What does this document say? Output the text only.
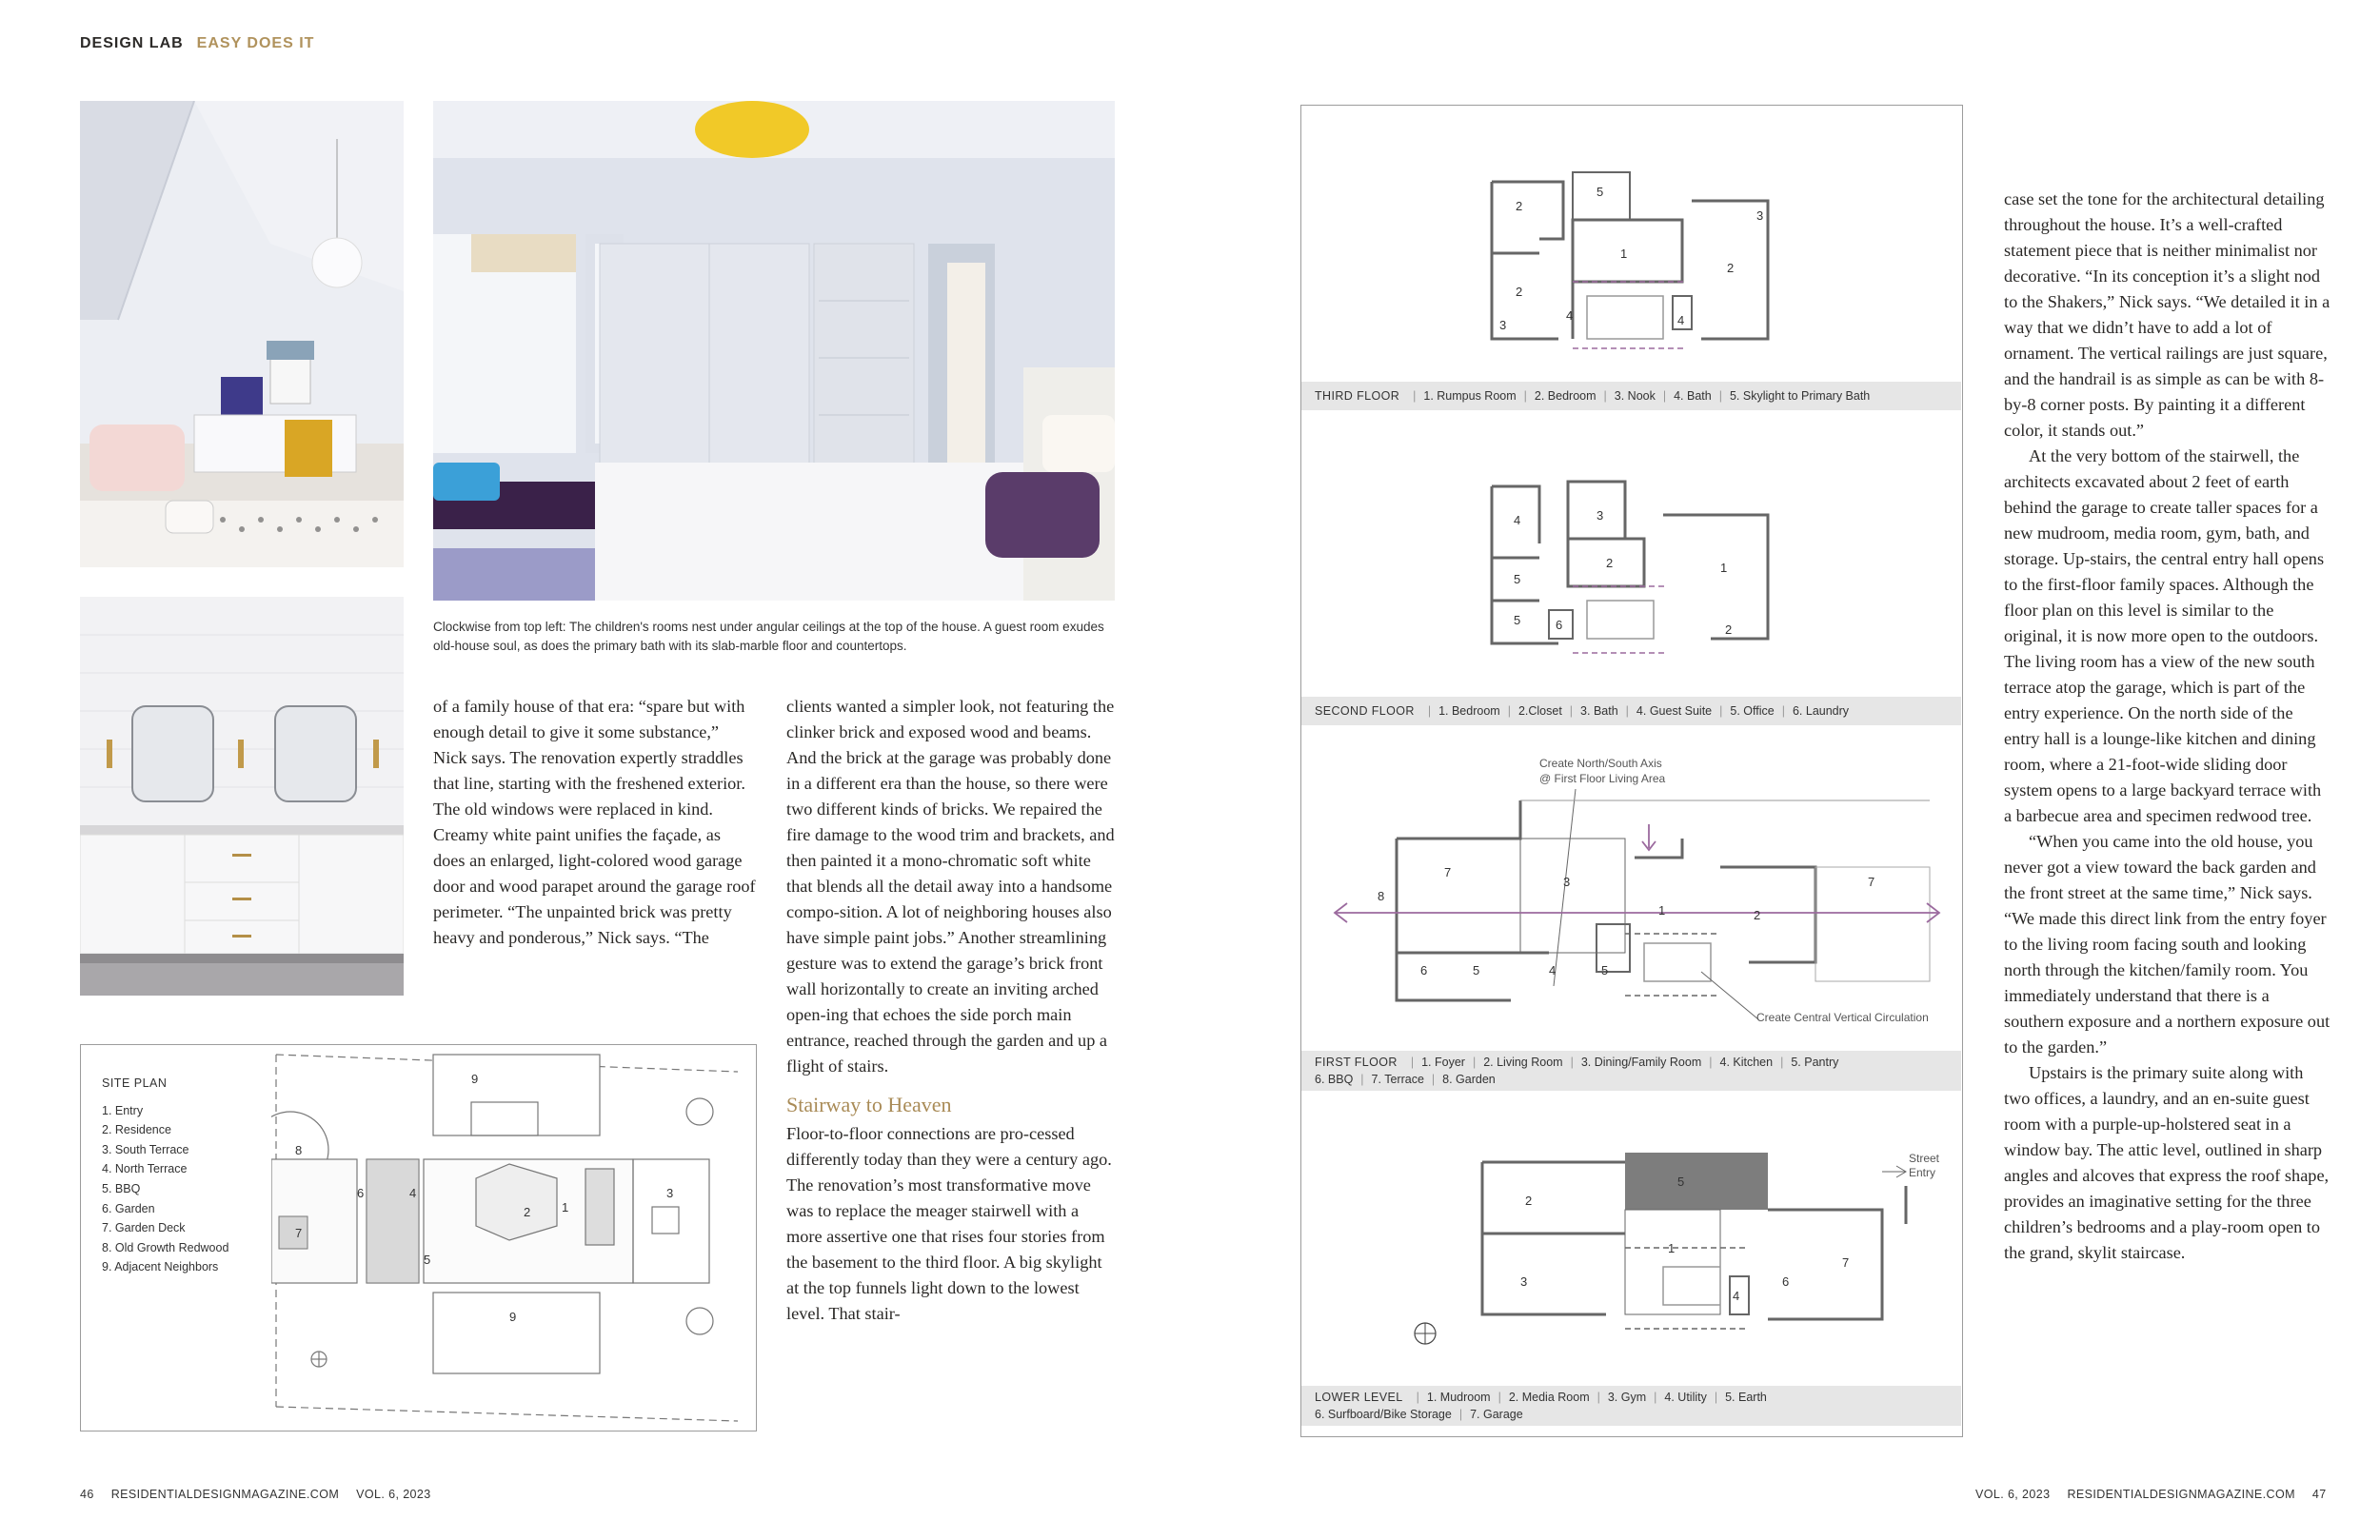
DESIGN LAB EASY DOES IT
Clockwise from top left: The children's rooms nest under angular ceilings at the top of the house. A guest room exudes old-house soul, as does the primary bath with its slab-marble floor and countertops.

of a family house of that era: “spare but with enough detail to give it some substance,” Nick says. The renovation expertly straddles that line, starting with the freshened exterior. The old windows were replaced in kind. Creamy white paint unifies the façade, as does an enlarged, light-colored wood garage door and wood parapet around the garage roof perimeter. “The unpainted brick was pretty heavy and ponderous,” Nick says. “The

clients wanted a simpler look, not featuring the clinker brick and exposed wood and beams. And the brick at the garage was probably done in a different era than the house, so there were two different kinds of bricks. We repaired the fire damage to the wood trim and brackets, and then painted it a mono-chromatic soft white that blends all the detail away into a handsome compo-sition. A lot of neighboring houses also have simple paint jobs.” Another streamlining gesture was to extend the garage’s brick front wall horizontally to create an inviting arched open-ing that echoes the side porch main entrance, reached through the garden and up a flight of stairs.

Stairway to Heaven

Floor-to-floor connections are pro-cessed differently today than they were a century ago. The renovation’s most transformative move was to replace the meager stairwell with a more assertive one that rises four stories from the basement to the third floor. A big skylight at the top funnels light down to the lowest level. That stair-

case set the tone for the architectural detailing throughout the house. It’s a well-crafted statement piece that is neither minimalist nor decorative. “In its conception it’s a slight nod to the Shakers,” Nick says. “We detailed it in a way that we didn’t have to add a lot of ornament. The vertical railings are just square, and the handrail is as simple as can be with 8-by-8 corner posts. By painting it a different color, it stands out.”

At the very bottom of the stairwell, the architects excavated about 2 feet of earth behind the garage to create taller spaces for a new mudroom, media room, gym, bath, and storage. Up-stairs, the central entry hall opens to the first-floor family spaces. Although the floor plan on this level is similar to the original, it is now more open to the outdoors. The living room has a view of the new south terrace atop the garage, which is part of the entry experience. On the north side of the entry hall is a lounge-like kitchen and dining room, where a 21-foot-wide sliding door system opens to a large backyard terrace with a barbecue area and specimen redwood tree.

“When you came into the old house, you never got a view toward the back garden and the front street at the same time,” Nick says. “We made this direct link from the entry foyer to the living room facing south and looking north through the kitchen/family room. You immediately understand that there is a southern exposure and a northern exposure out to the garden.”

Upstairs is the primary suite along with two offices, a laundry, and an en-suite guest room with a purple-up-holstered seat in a window bay. The attic level, outlined in sharp angles and alcoves that express the roof shape, provides an imaginative setting for the three children’s bedrooms and a play-room open to the grand, skylit staircase.

SITE PLAN
1. Entry
2. Residence
3. South Terrace
4. North Terrace
5. BBQ
6. Garden
7. Garden Deck
8. Old Growth Redwood
9. Adjacent Neighbors
9
9
1
2
3
4
5
6
7
8
2
2
1
2
5
3
3
4	4
THIRD FLOOR | 1. Rumpus Room | 2. Bedroom | 3. Nook | 4. Bath | 5. Skylight to Primary Bath
4
5
5
3
2	1
2
6
SECOND FLOOR | 1. Bedroom | 2.Closet | 3. Bath | 4. Guest Suite | 5. Office | 6. Laundry
Create North/South Axis
@ First Floor Living Area
Create Central Vertical Circulation
7
8
3
1	2
7
6	5	4	5
FIRST FLOOR | 1. Foyer | 2. Living Room | 3. Dining/Family Room | 4. Kitchen | 5. Pantry
6. BBQ | 7. Terrace | 8. Garden
Street
Entry
2
3
5
1
4
6
7
LOWER LEVEL | 1. Mudroom | 2. Media Room | 3. Gym | 4. Utility | 5. Earth
6. Surfboard/Bike Storage | 7. Garage
46 RESIDENTIALDESIGNMAGAZINE.COM VOL. 6, 2023	VOL. 6, 2023 RESIDENTIALDESIGNMAGAZINE.COM 47
